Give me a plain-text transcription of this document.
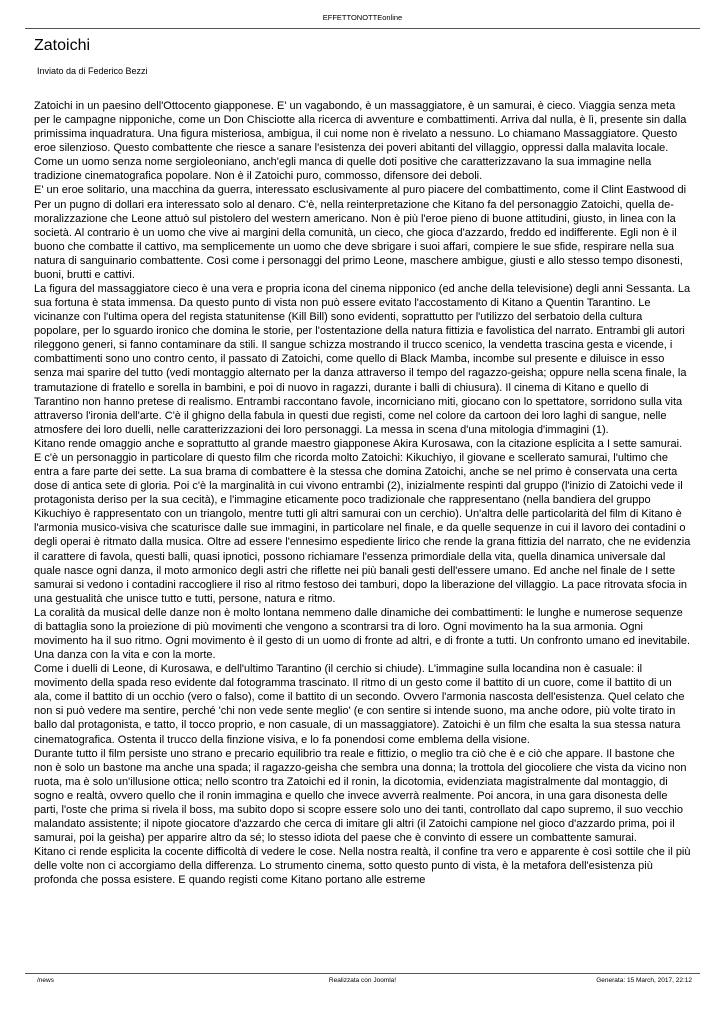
EFFETTONOTTEonline
Zatoichi
Inviato da di Federico Bezzi

Zatoichi in un paesino dell'Ottocento giapponese. E' un vagabondo, è un massaggiatore, è un samurai, è cieco. Viaggia senza meta per le campagne nipponiche, come un Don Chisciotte alla ricerca di avventure e combattimenti. Arriva dal nulla, è lì, presente sin dalla primissima inquadratura. Una figura misteriosa, ambigua, il cui nome non è rivelato a nessuno. Lo chiamano Massaggiatore. Questo eroe silenzioso. Questo combattente che riesce a sanare l'esistenza dei poveri abitanti del villaggio, oppressi dalla malavita locale. Come un uomo senza nome sergioleoniano, anch'egli manca di quelle doti positive che caratterizzavano la sua immagine nella tradizione cinematografica popolare. Non è il Zatoichi puro, commosso, difensore dei deboli.

E' un eroe solitario, una macchina da guerra, interessato esclusivamente al puro piacere del combattimento, come il Clint Eastwood di Per un pugno di dollari era interessato solo al denaro. C'è, nella reinterpretazione che Kitano fa del personaggio Zatoichi, quella de-moralizzazione che Leone attuò sul pistolero del western americano. Non è più l'eroe pieno di buone attitudini, giusto, in linea con la società. Al contrario è un uomo che vive ai margini della comunità, un cieco, che gioca d'azzardo, freddo ed indifferente. Egli non è il buono che combatte il cattivo, ma semplicemente un uomo che deve sbrigare i suoi affari, compiere le sue sfide, respirare nella sua natura di sanguinario combattente. Così come i personaggi del primo Leone, maschere ambigue, giusti e allo stesso tempo disonesti, buoni, brutti e cattivi.

La figura del massaggiatore cieco è una vera e propria icona del cinema nipponico (ed anche della televisione) degli anni Sessanta. La sua fortuna è stata immensa. Da questo punto di vista non può essere evitato l'accostamento di Kitano a Quentin Tarantino. Le vicinanze con l'ultima opera del regista statunitense (Kill Bill) sono evidenti, soprattutto per l'utilizzo del serbatoio della cultura popolare, per lo sguardo ironico che domina le storie, per l'ostentazione della natura fittizia e favolistica del narrato. Entrambi gli autori rileggono generi, si fanno contaminare da stili. Il sangue schizza mostrando il trucco scenico, la vendetta trascina gesta e vicende, i combattimenti sono uno contro cento, il passato di Zatoichi, come quello di Black Mamba, incombe sul presente e diluisce in esso senza mai sparire del tutto (vedi montaggio alternato per la danza attraverso il tempo del ragazzo-geisha; oppure nella scena finale, la tramutazione di fratello e sorella in bambini, e poi di nuovo in ragazzi, durante i balli di chiusura). Il cinema di Kitano e quello di Tarantino non hanno pretese di realismo. Entrambi raccontano favole, incorniciano miti, giocano con lo spettatore, sorridono sulla vita attraverso l'ironia dell'arte. C'è il ghigno della fabula in questi due registi, come nel colore da cartoon dei loro laghi di sangue, nelle atmosfere dei loro duelli, nelle caratterizzazioni dei loro personaggi. La messa in scena d'una mitologia d'immagini (1).

Kitano rende omaggio anche e soprattutto al grande maestro giapponese Akira Kurosawa, con la citazione esplicita a I sette samurai. E c'è un personaggio in particolare di questo film che ricorda molto Zatoichi: Kikuchiyo, il giovane e scellerato samurai, l'ultimo che entra a fare parte dei sette. La sua brama di combattere è la stessa che domina Zatoichi, anche se nel primo è conservata una certa dose di antica sete di gloria. Poi c'è la marginalità in cui vivono entrambi (2), inizialmente respinti dal gruppo (l'inizio di Zatoichi vede il protagonista deriso per la sua cecità), e l'immagine eticamente poco tradizionale che rappresentano (nella bandiera del gruppo Kikuchiyo è rappresentato con un triangolo, mentre tutti gli altri samurai con un cerchio). Un'altra delle particolarità del film di Kitano è l'armonia musico-visiva che scaturisce dalle sue immagini, in particolare nel finale, e da quelle sequenze in cui il lavoro dei contadini o degli operai è ritmato dalla musica. Oltre ad essere l'ennesimo espediente lirico che rende la grana fittizia del narrato, che ne evidenzia il carattere di favola, questi balli, quasi ipnotici, possono richiamare l'essenza primordiale della vita, quella dinamica universale dal quale nasce ogni danza, il moto armonico degli astri che riflette nei più banali gesti dell'essere umano. Ed anche nel finale de I sette samurai si vedono i contadini raccogliere il riso al ritmo festoso dei tamburi, dopo la liberazione del villaggio. La pace ritrovata sfocia in una gestualità che unisce tutto e tutti, persone, natura e ritmo.

La coralità da musical delle danze non è molto lontana nemmeno dalle dinamiche dei combattimenti: le lunghe e numerose sequenze di battaglia sono la proiezione di più movimenti che vengono a scontrarsi tra di loro. Ogni movimento ha la sua armonia. Ogni movimento ha il suo ritmo. Ogni movimento è il gesto di un uomo di fronte ad altri, e di fronte a tutti. Un confronto umano ed inevitabile. Una danza con la vita e con la morte.

Come i duelli di Leone, di Kurosawa, e dell'ultimo Tarantino (il cerchio si chiude). L'immagine sulla locandina non è casuale: il movimento della spada reso evidente dal fotogramma trascinato. Il ritmo di un gesto come il battito di un cuore, come il battito di un ala, come il battito di un occhio (vero o falso), come il battito di un secondo. Ovvero l'armonia nascosta dell'esistenza. Quel celato che non si può vedere ma sentire, perché 'chi non vede sente meglio' (e con sentire si intende suono, ma anche odore, più volte tirato in ballo dal protagonista, e tatto, il tocco proprio, e non casuale, di un massaggiatore). Zatoichi è un film che esalta la sua stessa natura cinematografica. Ostenta il trucco della finzione visiva, e lo fa ponendosi come emblema della visione.

Durante tutto il film persiste uno strano e precario equilibrio tra reale e fittizio, o meglio tra ciò che è e ciò che appare. Il bastone che non è solo un bastone ma anche una spada; il ragazzo-geisha che sembra una donna; la trottola del giocoliere che vista da vicino non ruota, ma è solo un'illusione ottica; nello scontro tra Zatoichi ed il ronin, la dicotomia, evidenziata magistralmente dal montaggio, di sogno e realtà, ovvero quello che il ronin immagina e quello che invece avverrà realmente. Poi ancora, in una gara disonesta delle parti, l'oste che prima si rivela il boss, ma subito dopo si scopre essere solo uno dei tanti, controllato dal capo supremo, il suo vecchio malandato assistente; il nipote giocatore d'azzardo che cerca di imitare gli altri (il Zatoichi campione nel gioco d'azzardo prima, poi il samurai, poi la geisha) per apparire altro da sé; lo stesso idiota del paese che è convinto di essere un combattente samurai.

Kitano ci rende esplicita la cocente difficoltà di vedere le cose. Nella nostra realtà, il confine tra vero e apparente è così sottile che il più delle volte non ci accorgiamo della differenza. Lo strumento cinema, sotto questo punto di vista, è la metafora dell'esistenza più profonda che possa esistere. E quando registi come Kitano portano alle estreme

/news	Realizzata con Joomla!	Generata: 15 March, 2017, 22:12
